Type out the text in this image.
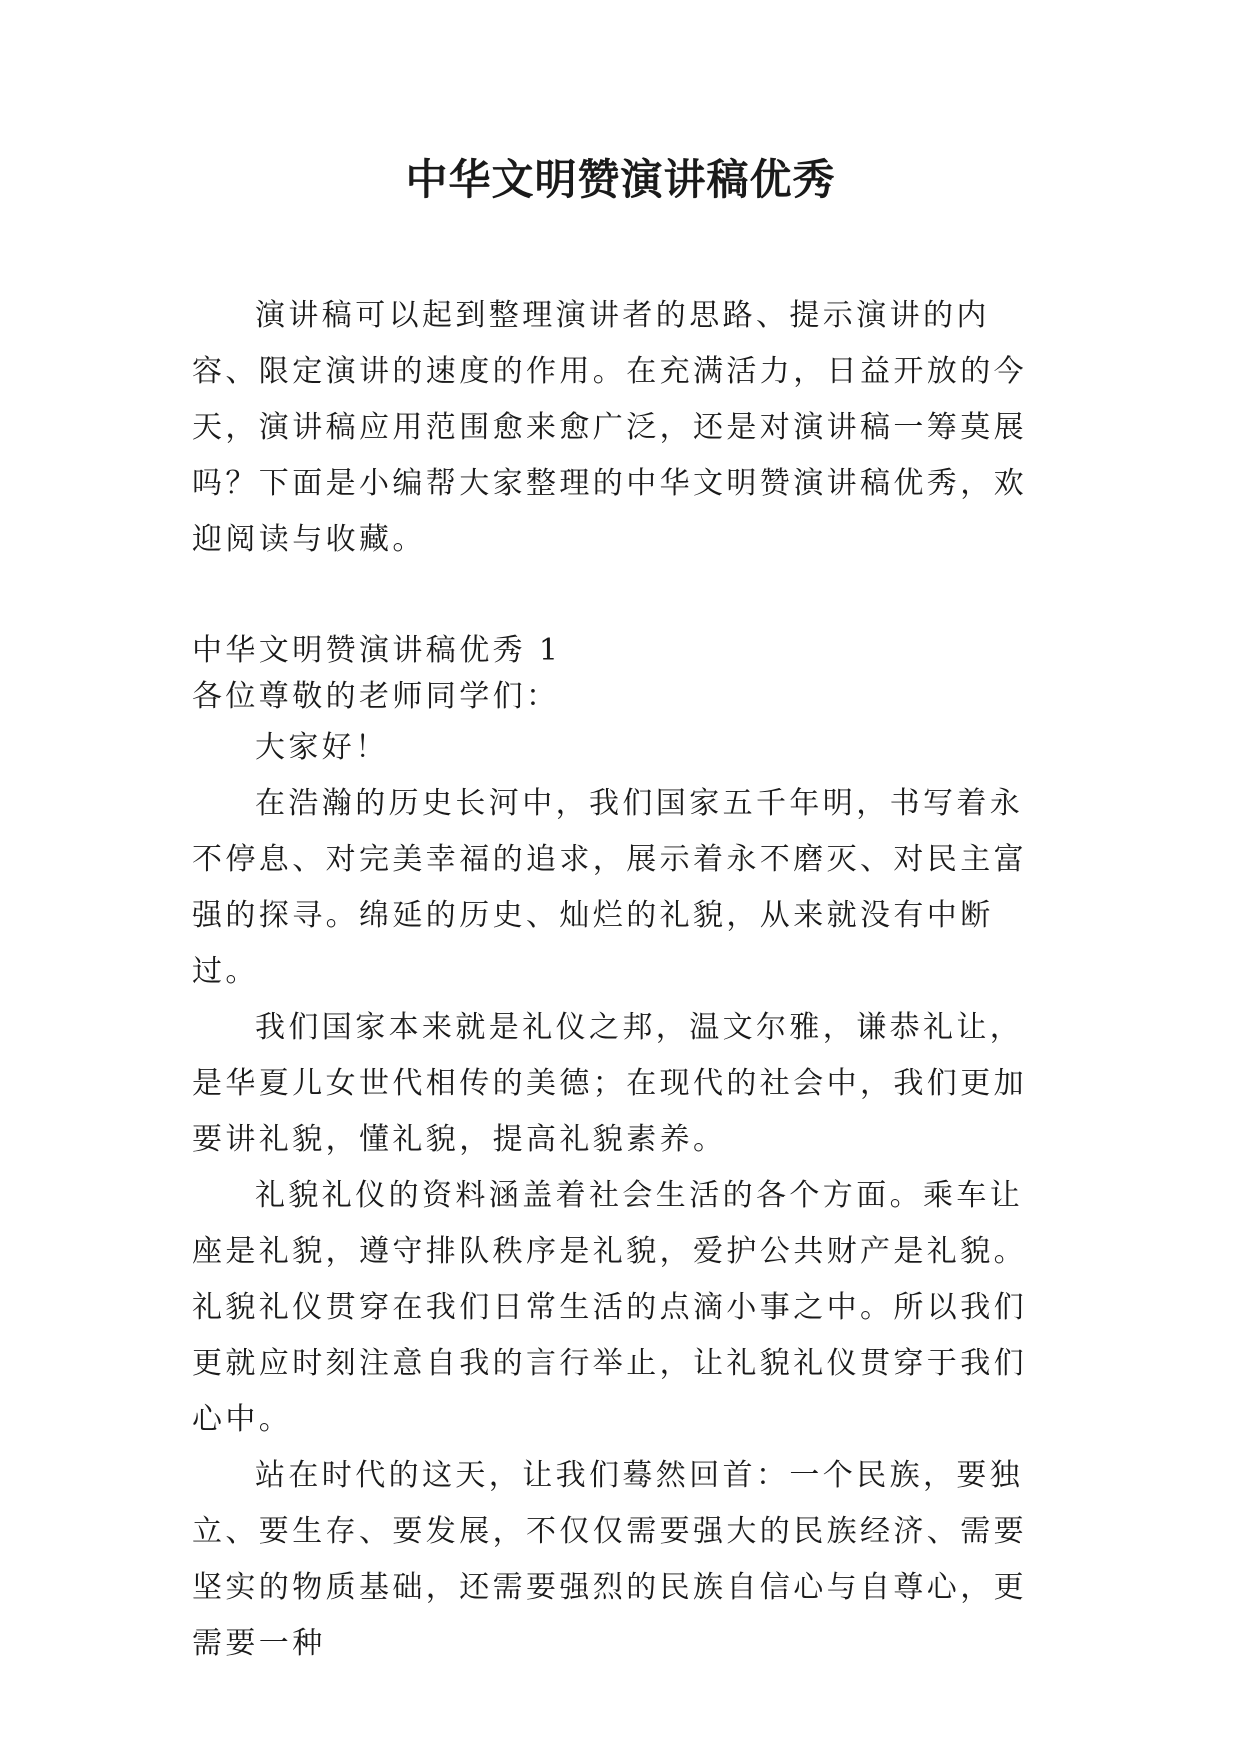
中华文明赞演讲稿优秀

演讲稿可以起到整理演讲者的思路、提示演讲的内容、限定演讲的速度的作用。在充满活力，日益开放的今天，演讲稿应用范围愈来愈广泛，还是对演讲稿一筹莫展吗？下面是小编帮大家整理的中华文明赞演讲稿优秀，欢迎阅读与收藏。

中华文明赞演讲稿优秀 1

各位尊敬的老师同学们：

大家好！

在浩瀚的历史长河中，我们国家五千年明，书写着永不停息、对完美幸福的追求，展示着永不磨灭、对民主富强的探寻。绵延的历史、灿烂的礼貌，从来就没有中断过。

我们国家本来就是礼仪之邦，温文尔雅，谦恭礼让，是华夏儿女世代相传的美德；在现代的社会中，我们更加要讲礼貌，懂礼貌，提高礼貌素养。

礼貌礼仪的资料涵盖着社会生活的各个方面。乘车让座是礼貌，遵守排队秩序是礼貌，爱护公共财产是礼貌。礼貌礼仪贯穿在我们日常生活的点滴小事之中。所以我们更就应时刻注意自我的言行举止，让礼貌礼仪贯穿于我们心中。

站在时代的这天，让我们蓦然回首：一个民族，要独立、要生存、要发展，不仅仅需要强大的民族经济、需要坚实的物质基础，还需要强烈的民族自信心与自尊心，更需要一种
